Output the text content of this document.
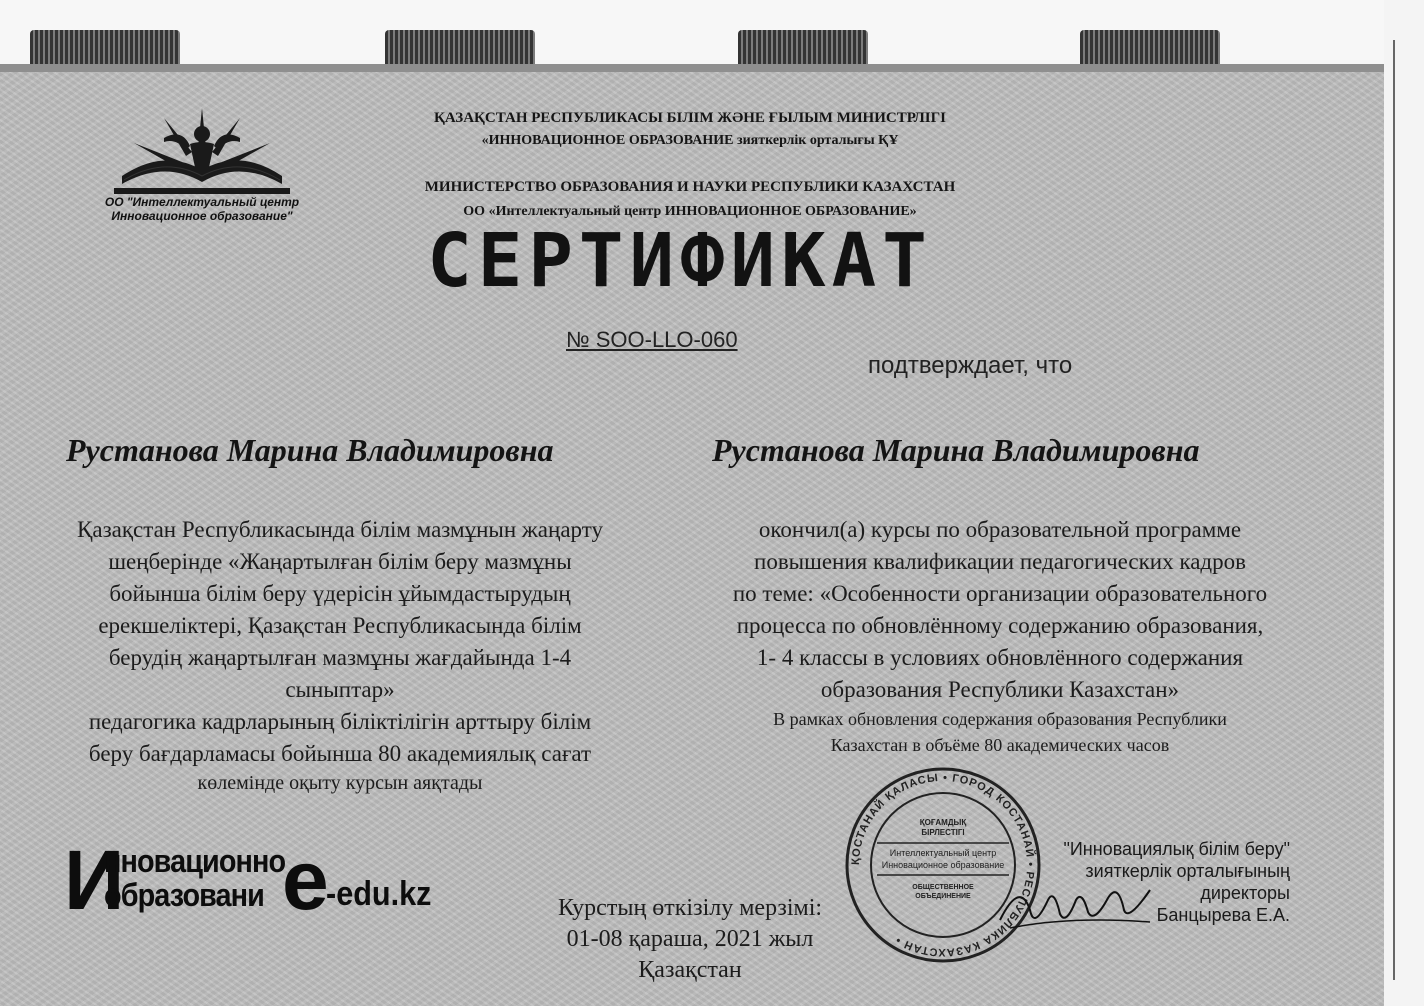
ОО "Интеллектуальный центр
Инновационное образование"
ҚАЗАҚСТАН РЕСПУБЛИКАСЫ БІЛІМ ЖӘНЕ ҒЫЛЫМ МИНИСТРЛІГІ
«ИННОВАЦИОННОЕ ОБРАЗОВАНИЕ зияткерлік орталығы ҚҰ
МИНИСТЕРСТВО ОБРАЗОВАНИЯ И НАУКИ РЕСПУБЛИКИ КАЗАХСТАН
ОО «Интеллектуальный центр ИННОВАЦИОННОЕ ОБРАЗОВАНИЕ»
СЕРТИФИКАТ
№ SOO-LLO-060
подтверждает, что
Рустанова Марина Владимировна	Рустанова Марина Владимировна
Қазақстан Республикасында білім мазмұнын жаңарту
шеңберінде «Жаңартылған білім беру мазмұны
бойынша білім беру үдерісін ұйымдастырудың
ерекшеліктері, Қазақстан Республикасында білім
берудің жаңартылған мазмұны жағдайында 1-4
сыныптар»
педагогика кадрларының біліктілігін арттыру білім
беру бағдарламасы бойынша 80 академиялық сағат
көлемінде оқыту курсын аяқтады
окончил(а) курсы по образовательной программе
повышения квалификации педагогических кадров
по теме: «Особенности организации образовательного
процесса по обновлённому содержанию образования,
1- 4 классы в условиях обновлённого содержания
образования Республики Казахстан»
В рамках обновления содержания образования Республики
Казахстан в объёме 80 академических часов
И
нновационно
образовани е
-edu.kz	Курстың өткізілу мерзімі:
01-08 қараша, 2021 жыл
Қазақстан
ҚОСТАНАЙ ҚАЛАСЫ • ГОРОД КОСТАНАЙ • РЕСПУБЛИКА КАЗАХСТАН •
ҚОҒАМДЫҚ
БІРЛЕСТІГІ
Интеллектуальный центр
Инновационное образование
ОБЩЕСТВЕННОЕ
ОБЪЕДИНЕНИЕ
"Инновациялық білім беру"
зияткерлік орталығының
директоры
Банцырева Е.А.
